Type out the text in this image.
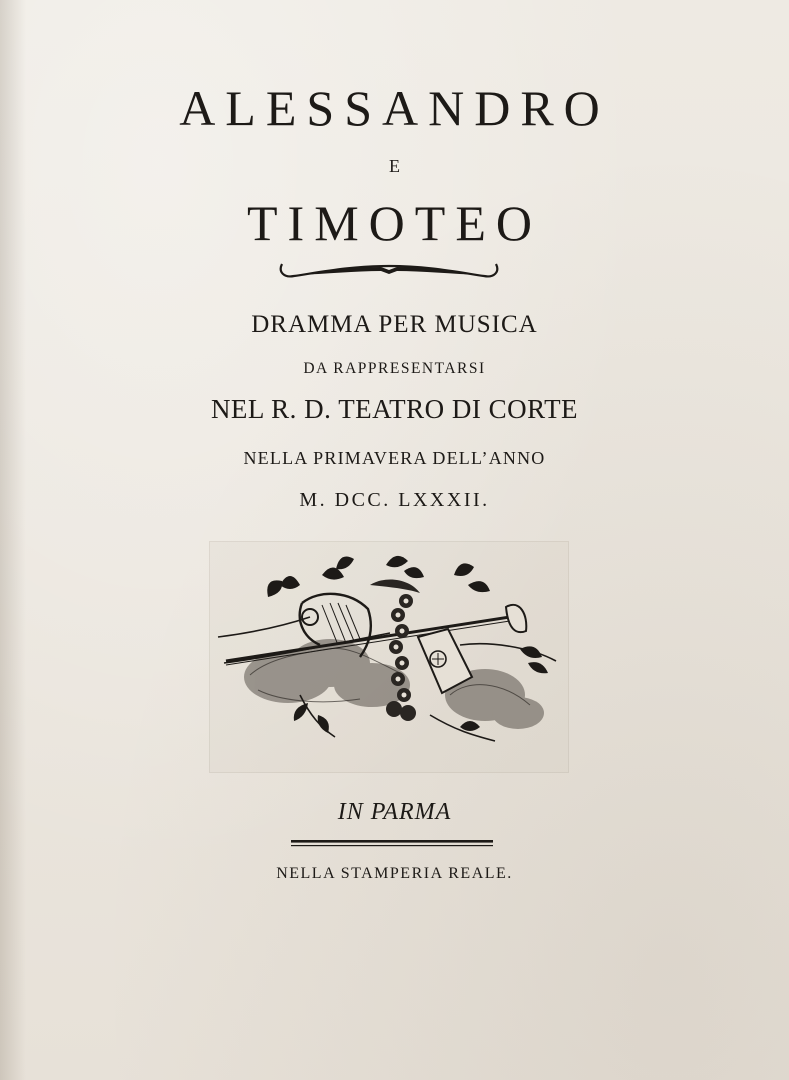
ALESSANDRO
E
TIMOTEO
DRAMMA PER MUSICA
DA RAPPRESENTARSI
NEL R. D. TEATRO DI CORTE
NELLA PRIMAVERA DELL’ANNO
M. DCC. LXXXII.
IN PARMA
NELLA STAMPERIA REALE.
